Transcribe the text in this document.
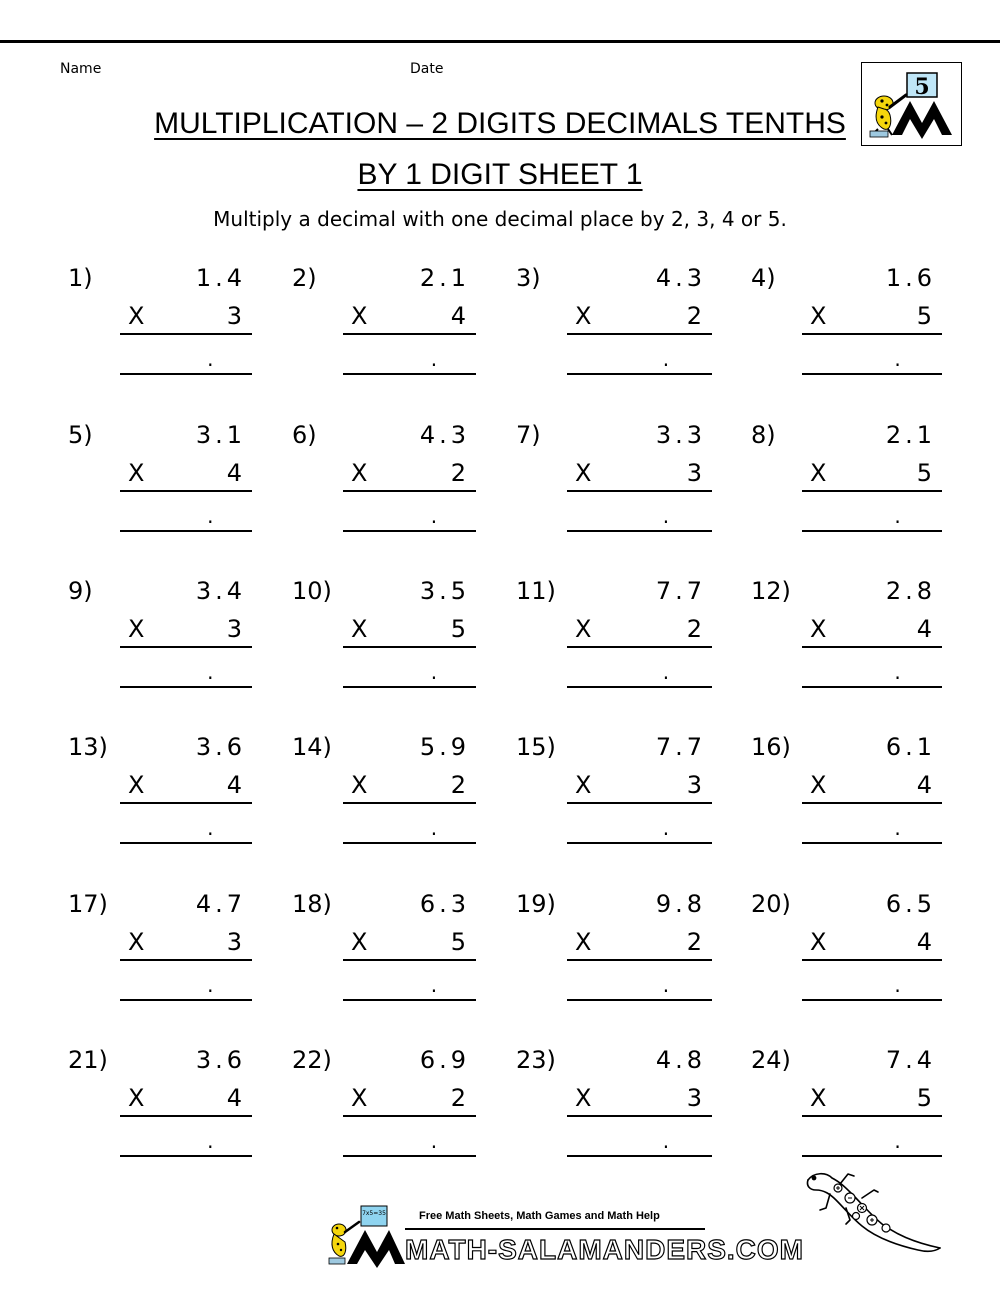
Name	Date
5
MULTIPLICATION – 2 DIGITS DECIMALS TENTHS
BY 1 DIGIT SHEET 1
Multiply a decimal with one decimal place by 2, 3, 4 or 5.
1)	1.4
X	3
.
2)	2.1
X	4
.
3)	4.3
X	2
.
4)	1.6
X	5
.
5)	3.1
X	4
.
6)	4.3
X	2
.
7)	3.3
X	3
.
8)	2.1
X	5
.
9)	3.4
X	3
.
10)	3.5
X	5
.
11)	7.7
X	2
.
12)	2.8
X	4
.
13)	3.6
X	4
.
14)	5.9
X	2
.
15)	7.7
X	3
.
16)	6.1
X	4
.
17)	4.7
X	3
.
18)	6.3
X	5
.
19)	9.8
X	2
.
20)	6.5
X	4
.
21)	3.6
X	4
.
22)	6.9
X	2
.
23)	4.8
X	3
.
24)	7.4
X	5
.
7x5=35	Free Math Sheets, Math Games and Math Help
MATH-SALAMANDERS.COM
